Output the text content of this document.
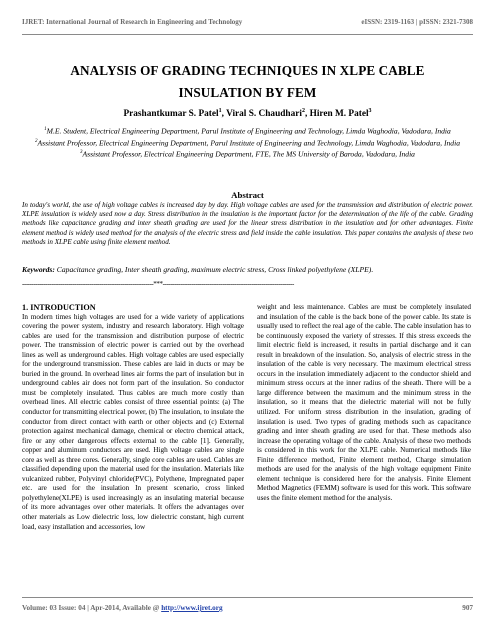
IJRET: International Journal of Research in Engineering and Technology	eISSN: 2319-1163 | pISSN: 2321-7308
ANALYSIS OF GRADING TECHNIQUES IN XLPE CABLE INSULATION BY FEM
Prashantkumar S. Patel$^1$, Viral S. Chaudhari$^2$, Hiren M. Patel$^3$

$^1$M.E. Student, Electrical Engineering Department, Parul Institute of Engineering and Technology, Limda Waghodia, Vadodara, India

$^2$Assistant Professor, Electrical Engineering Department, Parul Institute of Engineering and Technology, Limda Waghodia, Vadodara, India

$^3$Assistant Professor, Electrical Engineering Department, FTE, The MS University of Baroda, Vadodara, India

Abstract

In today's world, the use of high voltage cables is increased day by day. High voltage cables are used for the transmission and distribution of electric power. XLPE insulation is widely used now a day. Stress distribution in the insulation is the important factor for the determination of the life of the cable. Grading methods like capacitance grading and inter sheath grading are used for the linear stress distribution in the insulation and for other advantages. Finite element method is widely used method for the analysis of the electric stress and field inside the cable insulation. This paper contains the analysis of these two methods in XLPE cable using finite element method.

Keywords: Capacitance grading, Inter sheath grading, maximum electric stress, Cross linked polyethylene (XLPE).

--------------------------------------------------------------------***--------------------------------------------------------------------

1. INTRODUCTION

In modern times high voltages are used for a wide variety of applications covering the power system, industry and research laboratory. High voltage cables are used for the transmission and distribution purpose of electric power. The transmission of electric power is carried out by the overhead lines as well as underground cables. High voltage cables are used especially for the underground transmission. These cables are laid in ducts or may be buried in the ground. In overhead lines air forms the part of insulation but in underground cables air does not form part of the insulation. So conductor must be completely insulated. Thus cables are much more costly than overhead lines. All electric cables consist of three essential points: (a) The conductor for transmitting electrical power, (b) The insulation, to insulate the conductor from direct contact with earth or other objects and (c) External protection against mechanical damage, chemical or electro chemical attack, fire or any other dangerous effects external to the cable [1]. Generally, copper and aluminum conductors are used. High voltage cables are single core as well as three cores. Generally, single core cables are used. Cables are classified depending upon the material used for the insulation. Materials like vulcanized rubber, Polyvinyl chloride(PVC), Polythene, Impregnated paper etc. are used for the insulation In present scenario, cross linked polyethylene(XLPE) is used increasingly as an insulating material because of its more advantages over other materials. It offers the advantages over other materials as Low dielectric loss, low dielectric constant, high current load, easy installation and accessories, low

weight and less maintenance. Cables are must be completely insulated and insulation of the cable is the back bone of the power cable. Its state is usually used to reflect the real age of the cable. The cable insulation has to be continuously exposed the variety of stresses. If this stress exceeds the limit electric field is increased, it results in partial discharge and it can result in breakdown of the insulation. So, analysis of electric stress in the insulation of the cable is very necessary. The maximum electrical stress occurs in the insulation immediately adjacent to the conductor shield and minimum stress occurs at the inner radius of the sheath. There will be a large difference between the maximum and the minimum stress in the insulation, so it means that the dielectric material will not be fully utilized. For uniform stress distribution in the insulation, grading of insulation is used. Two types of grading methods such as capacitance grading and inter sheath grading are used for that. These methods also increase the operating voltage of the cable. Analysis of these two methods is considered in this work for the XLPE cable. Numerical methods like Finite difference method, Finite element method, Charge simulation methods are used for the analysis of the high voltage equipment Finite element technique is considered here for the analysis. Finite Element Method Magnetics (FEMM) software is used for this work. This software uses the finite element method for the analysis.

Volume: 03 Issue: 04 | Apr-2014, Available @ http://www.ijret.org	907
